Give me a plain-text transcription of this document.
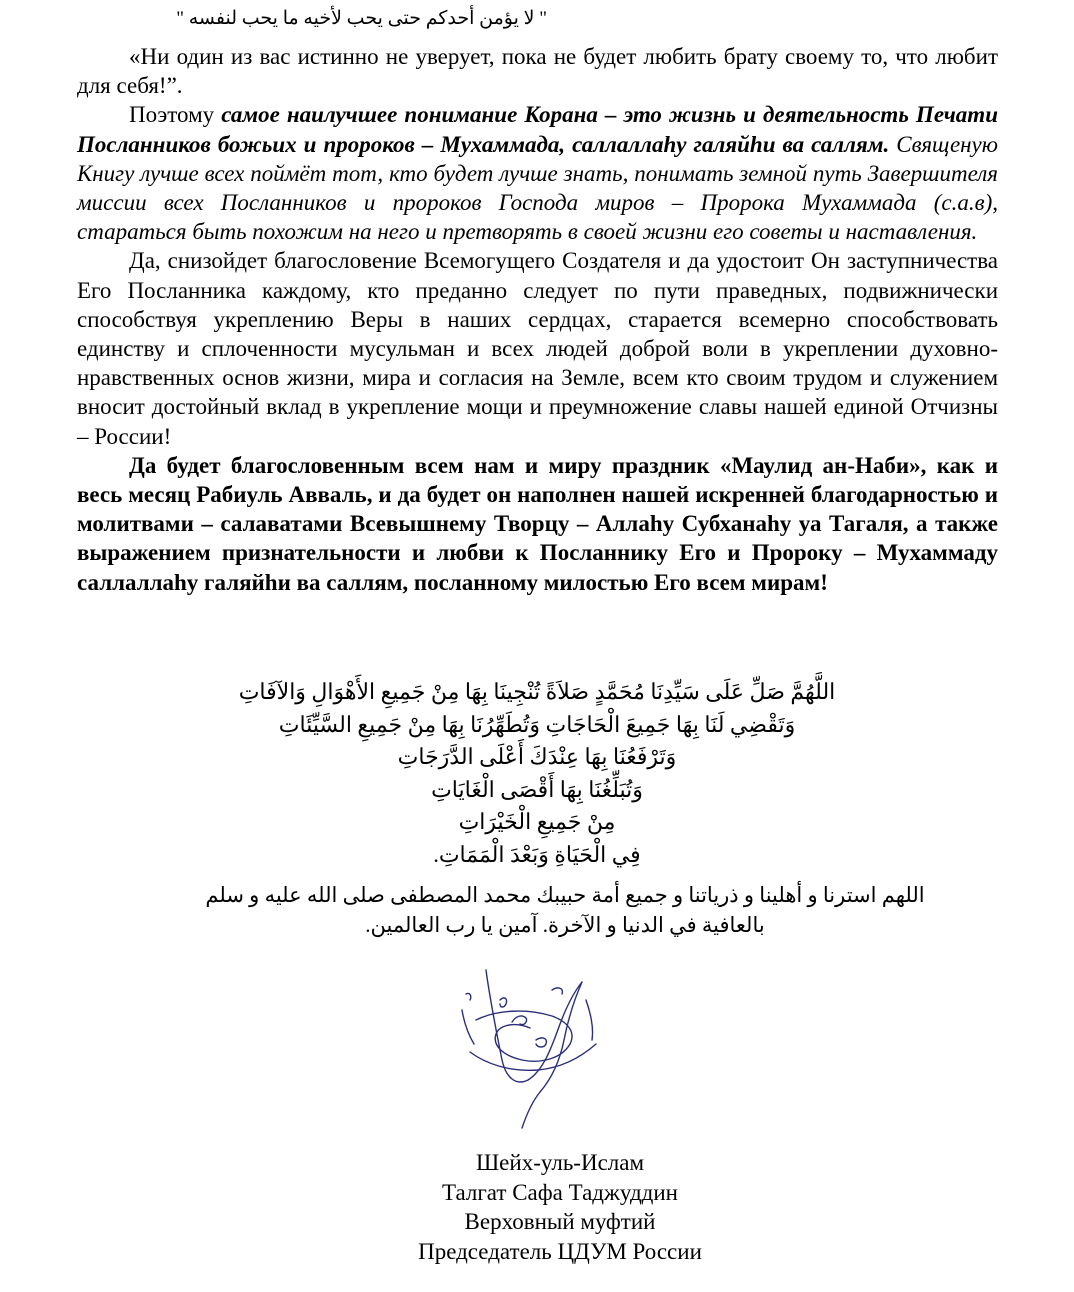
" لا يؤمن أحدكم حتى يحب لأخيه ما يحب لنفسه "

«Ни один из вас истинно не уверует, пока не будет любить брату своему то, что любит для себя!”.

Поэтому самое наилучшее понимание Корана – это жизнь и деятельность Печати Посланников божьих и пророков – Мухаммада, саллаллаhу галяйhи ва саллям. Священую Книгу лучше всех поймёт тот, кто будет лучше знать, понимать земной путь Завершителя миссии всех Посланников и пророков Господа миров – Пророка Мухаммада (с.а.в), стараться быть похожим на него и претворять в своей жизни его советы и наставления.

Да, снизойдет благословение Всемогущего Создателя и да удостоит Он заступничества Его Посланника каждому, кто преданно следует по пути праведных, подвижнически способствуя укреплению Веры в наших сердцах, старается всемерно способствовать единству и сплоченности мусульман и всех людей доброй воли в укреплении духовно-нравственных основ жизни, мира и согласия на Земле, всем кто своим трудом и служением вносит достойный вклад в укрепление мощи и преумножение славы нашей единой Отчизны – России!

Да будет благословенным всем нам и миру праздник «Маулид ан-Наби», как и весь месяц Рабиуль Авваль, и да будет он наполнен нашей искренней благодарностью и молитвами – салаватами Всевышнему Творцу – Аллаhу Субханаhу уа Тагаля, а также выражением признательности и любви к Посланнику Его и Пророку – Мухаммаду саллаллаhу галяйhи ва саллям, посланному милостью Его всем мирам!

اللَّهُمَّ صَلِّ عَلَى سَيِّدِنَا مُحَمَّدٍ صَلاَةً تُنْجِينَا بِهَا مِنْ جَمِيعِ الأَهْوَالِ وَالآفَاتِ
وَتَقْضِي لَنَا بِهَا جَمِيعَ الْحَاجَاتِ وَتُطَهِّرُنَا بِهَا مِنْ جَمِيعِ السَّيِّئَاتِ
وَتَرْفَعُنَا بِهَا عِنْدَكَ أَعْلَى الدَّرَجَاتِ
وَتُبَلِّغُنَا بِهَا أَقْصَى الْغَايَاتِ
مِنْ جَمِيعِ الْخَيْرَاتِ
فِي الْحَيَاةِ وَبَعْدَ الْمَمَاتِ.
اللهم استرنا و أهلينا و ذرياتنا و جميع أمة حبيبك محمد المصطفى صلى الله عليه و سلم
بالعافية في الدنيا و الآخرة. آمين يا رب العالمين.
Шейх-уль-Ислам
Талгат Сафа Таджуддин
Верховный муфтий
Председатель ЦДУМ России
